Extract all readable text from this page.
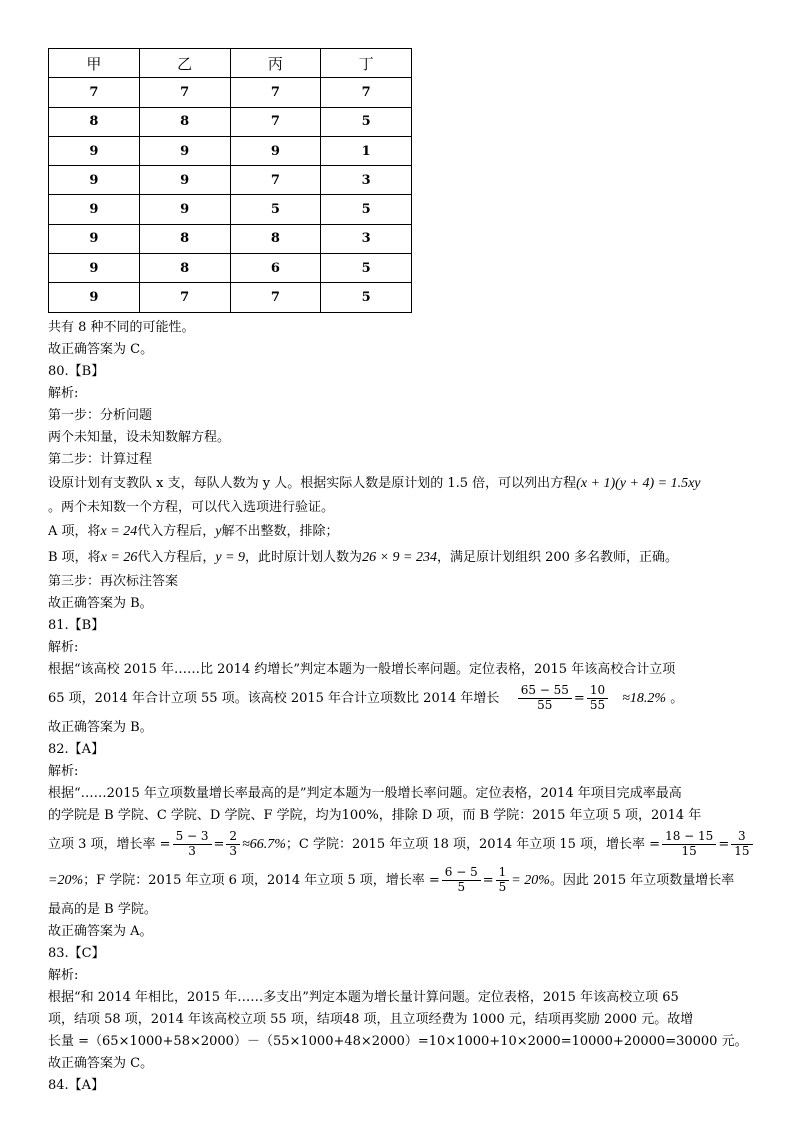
甲	乙	丙	丁
7	7	7	7
8	8	7	5
9	9	9	1
9	9	7	3
9	9	5	5
9	8	8	3
9	8	6	5
9	7	7	5
共有 8 种不同的可能性。
故正确答案为 C。
80.【B】
解析:
第一步：分析问题
两个未知量，设未知数解方程。
第二步：计算过程
设原计划有支教队 x 支，每队人数为 y 人。根据实际人数是原计划的 1.5 倍，可以列出方程(x + 1)(y + 4) = 1.5xy
。两个未知数一个方程，可以代入选项进行验证。
A 项，将x = 24代入方程后，y解不出整数，排除；
B 项，将x = 26代入方程后，y = 9，此时原计划人数为26 × 9 = 234，满足原计划组织 200 多名教师，正确。
第三步：再次标注答案
故正确答案为 B。
81.【B】
解析:
根据“该高校 2015 年……比 2014 约增长”判定本题为一般增长率问题。定位表格，2015 年该高校合计立项
65 项，2014 年合计立项 55 项。该高校 2015 年合计立项数比 2014 年增长 $\frac{65 - 55}{55} = \frac{10}{55} \approx 18.2\%$ 。
故正确答案为 B。
82.【A】
解析:
根据“……2015 年立项数量增长率最高的是”判定本题为一般增长率问题。定位表格，2014 年项目完成率最高
的学院是 B 学院、C 学院、D 学院、F 学院，均为100%，排除 D 项，而 B 学院：2015 年立项 5 项，2014 年
立项 3 项，增长率 = $\frac{5 - 3}{3} = \frac{2}{3} \approx 66.7\%$；C 学院：2015 年立项 18 项，2014 年立项 15 项，增长率 = $\frac{18 - 15}{15} = \frac{3}{15}$
=20%；F 学院：2015 年立项 6 项，2014 年立项 5 项，增长率 = $\frac{6 - 5}{5} = \frac{1}{5} = 20\%$。因此 2015 年立项数量增长率
最高的是 B 学院。
故正确答案为 A。
83.【C】
解析:
根据“和 2014 年相比，2015 年……多支出”判定本题为增长量计算问题。定位表格，2015 年该高校立项 65
项，结项 58 项，2014 年该高校立项 55 项，结项48 项，且立项经费为 1000 元，结项再奖励 2000 元。故增
长量 =（65×1000+58×2000）－（55×1000+48×2000）=10×1000+10×2000=10000+20000=30000 元。
故正确答案为 C。
84.【A】
